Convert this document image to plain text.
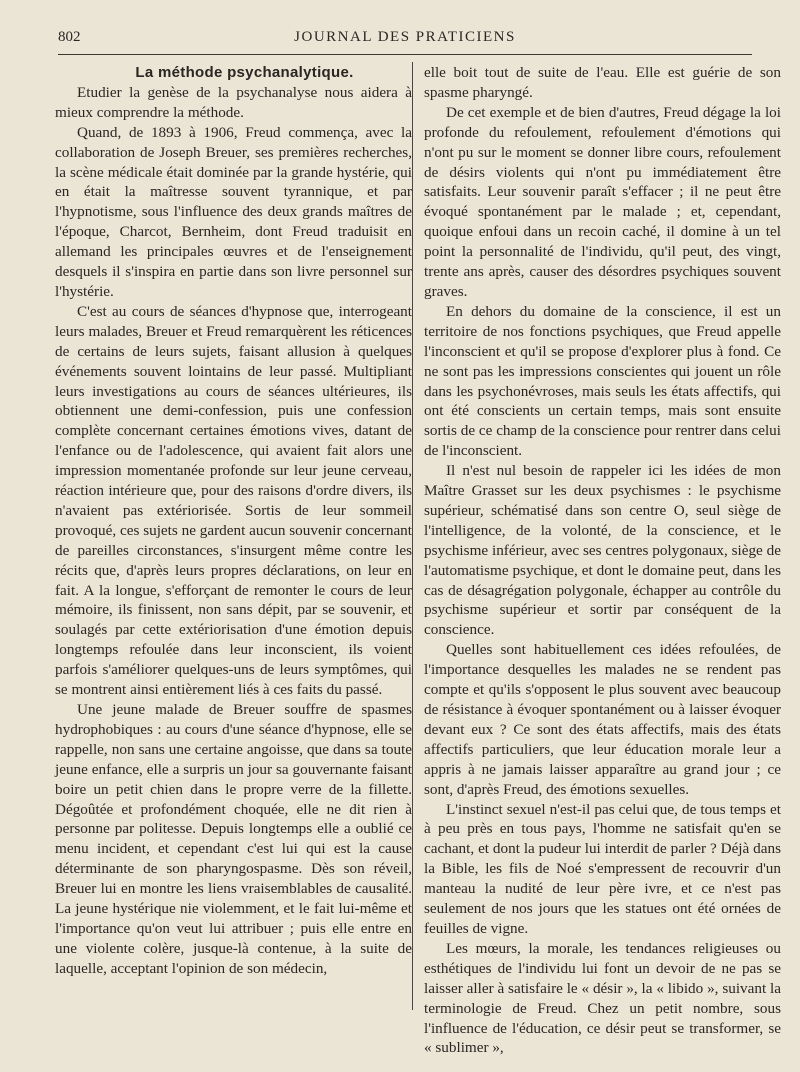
802	JOURNAL DES PRATICIENS

La méthode psychanalytique.

Etudier la genèse de la psychanalyse nous aidera à mieux comprendre la méthode.

Quand, de 1893 à 1906, Freud commença, avec la collaboration de Joseph Breuer, ses premières recherches, la scène médicale était dominée par la grande hystérie, qui en était la maîtresse souvent tyrannique, et par l'hypnotisme, sous l'influence des deux grands maîtres de l'époque, Charcot, Bernheim, dont Freud traduisit en allemand les principales œuvres et de l'enseignement desquels il s'inspira en partie dans son livre personnel sur l'hystérie.

C'est au cours de séances d'hypnose que, interrogeant leurs malades, Breuer et Freud remarquèrent les réticences de certains de leurs sujets, faisant allusion à quelques événements souvent lointains de leur passé. Multipliant leurs investigations au cours de séances ultérieures, ils obtiennent une demi-confession, puis une confession complète concernant certaines émotions vives, datant de l'enfance ou de l'adolescence, qui avaient fait alors une impression momentanée profonde sur leur jeune cerveau, réaction intérieure que, pour des raisons d'ordre divers, ils n'avaient pas extériorisée. Sortis de leur sommeil provoqué, ces sujets ne gardent aucun souvenir concernant de pareilles circonstances, s'insurgent même contre les récits que, d'après leurs propres déclarations, on leur en fait. A la longue, s'efforçant de remonter le cours de leur mémoire, ils finissent, non sans dépit, par se souvenir, et soulagés par cette extériorisation d'une émotion depuis longtemps refoulée dans leur inconscient, ils voient parfois s'améliorer quelques-uns de leurs symptômes, qui se montrent ainsi entièrement liés à ces faits du passé.

Une jeune malade de Breuer souffre de spasmes hydrophobiques : au cours d'une séance d'hypnose, elle se rappelle, non sans une certaine angoisse, que dans sa toute jeune enfance, elle a surpris un jour sa gouvernante faisant boire un petit chien dans le propre verre de la fillette. Dégoûtée et profondément choquée, elle ne dit rien à personne par politesse. Depuis longtemps elle a oublié ce menu incident, et cependant c'est lui qui est la cause déterminante de son pharyngospasme. Dès son réveil, Breuer lui en montre les liens vraisemblables de causalité. La jeune hystérique nie violemment, et le fait lui-même et l'importance qu'on veut lui attribuer ; puis elle entre en une violente colère, jusque-là contenue, à la suite de laquelle, acceptant l'opinion de son médecin,

elle boit tout de suite de l'eau. Elle est guérie de son spasme pharyngé.

De cet exemple et de bien d'autres, Freud dégage la loi profonde du refoulement, refoulement d'émotions qui n'ont pu sur le moment se donner libre cours, refoulement de désirs violents qui n'ont pu immédiatement être satisfaits. Leur souvenir paraît s'effacer ; il ne peut être évoqué spontanément par le malade ; et, cependant, quoique enfoui dans un recoin caché, il domine à un tel point la personnalité de l'individu, qu'il peut, des vingt, trente ans après, causer des désordres psychiques souvent graves.

En dehors du domaine de la conscience, il est un territoire de nos fonctions psychiques, que Freud appelle l'inconscient et qu'il se propose d'explorer plus à fond. Ce ne sont pas les impressions conscientes qui jouent un rôle dans les psychonévroses, mais seuls les états affectifs, qui ont été conscients un certain temps, mais sont ensuite sortis de ce champ de la conscience pour rentrer dans celui de l'inconscient.

Il n'est nul besoin de rappeler ici les idées de mon Maître Grasset sur les deux psychismes : le psychisme supérieur, schématisé dans son centre O, seul siège de l'intelligence, de la volonté, de la conscience, et le psychisme inférieur, avec ses centres polygonaux, siège de l'automatisme psychique, et dont le domaine peut, dans les cas de désagrégation polygonale, échapper au contrôle du psychisme supérieur et sortir par conséquent de la conscience.

Quelles sont habituellement ces idées refoulées, de l'importance desquelles les malades ne se rendent pas compte et qu'ils s'opposent le plus souvent avec beaucoup de résistance à évoquer spontanément ou à laisser évoquer devant eux ? Ce sont des états affectifs, mais des états affectifs particuliers, que leur éducation morale leur a appris à ne jamais laisser apparaître au grand jour ; ce sont, d'après Freud, des émotions sexuelles.

L'instinct sexuel n'est-il pas celui que, de tous temps et à peu près en tous pays, l'homme ne satisfait qu'en se cachant, et dont la pudeur lui interdit de parler ? Déjà dans la Bible, les fils de Noé s'empressent de recouvrir d'un manteau la nudité de leur père ivre, et ce n'est pas seulement de nos jours que les statues ont été ornées de feuilles de vigne.

Les mœurs, la morale, les tendances religieuses ou esthétiques de l'individu lui font un devoir de ne pas se laisser aller à satisfaire le « désir », la « libido », suivant la terminologie de Freud. Chez un petit nombre, sous l'influence de l'éducation, ce désir peut se transformer, se « sublimer »,
